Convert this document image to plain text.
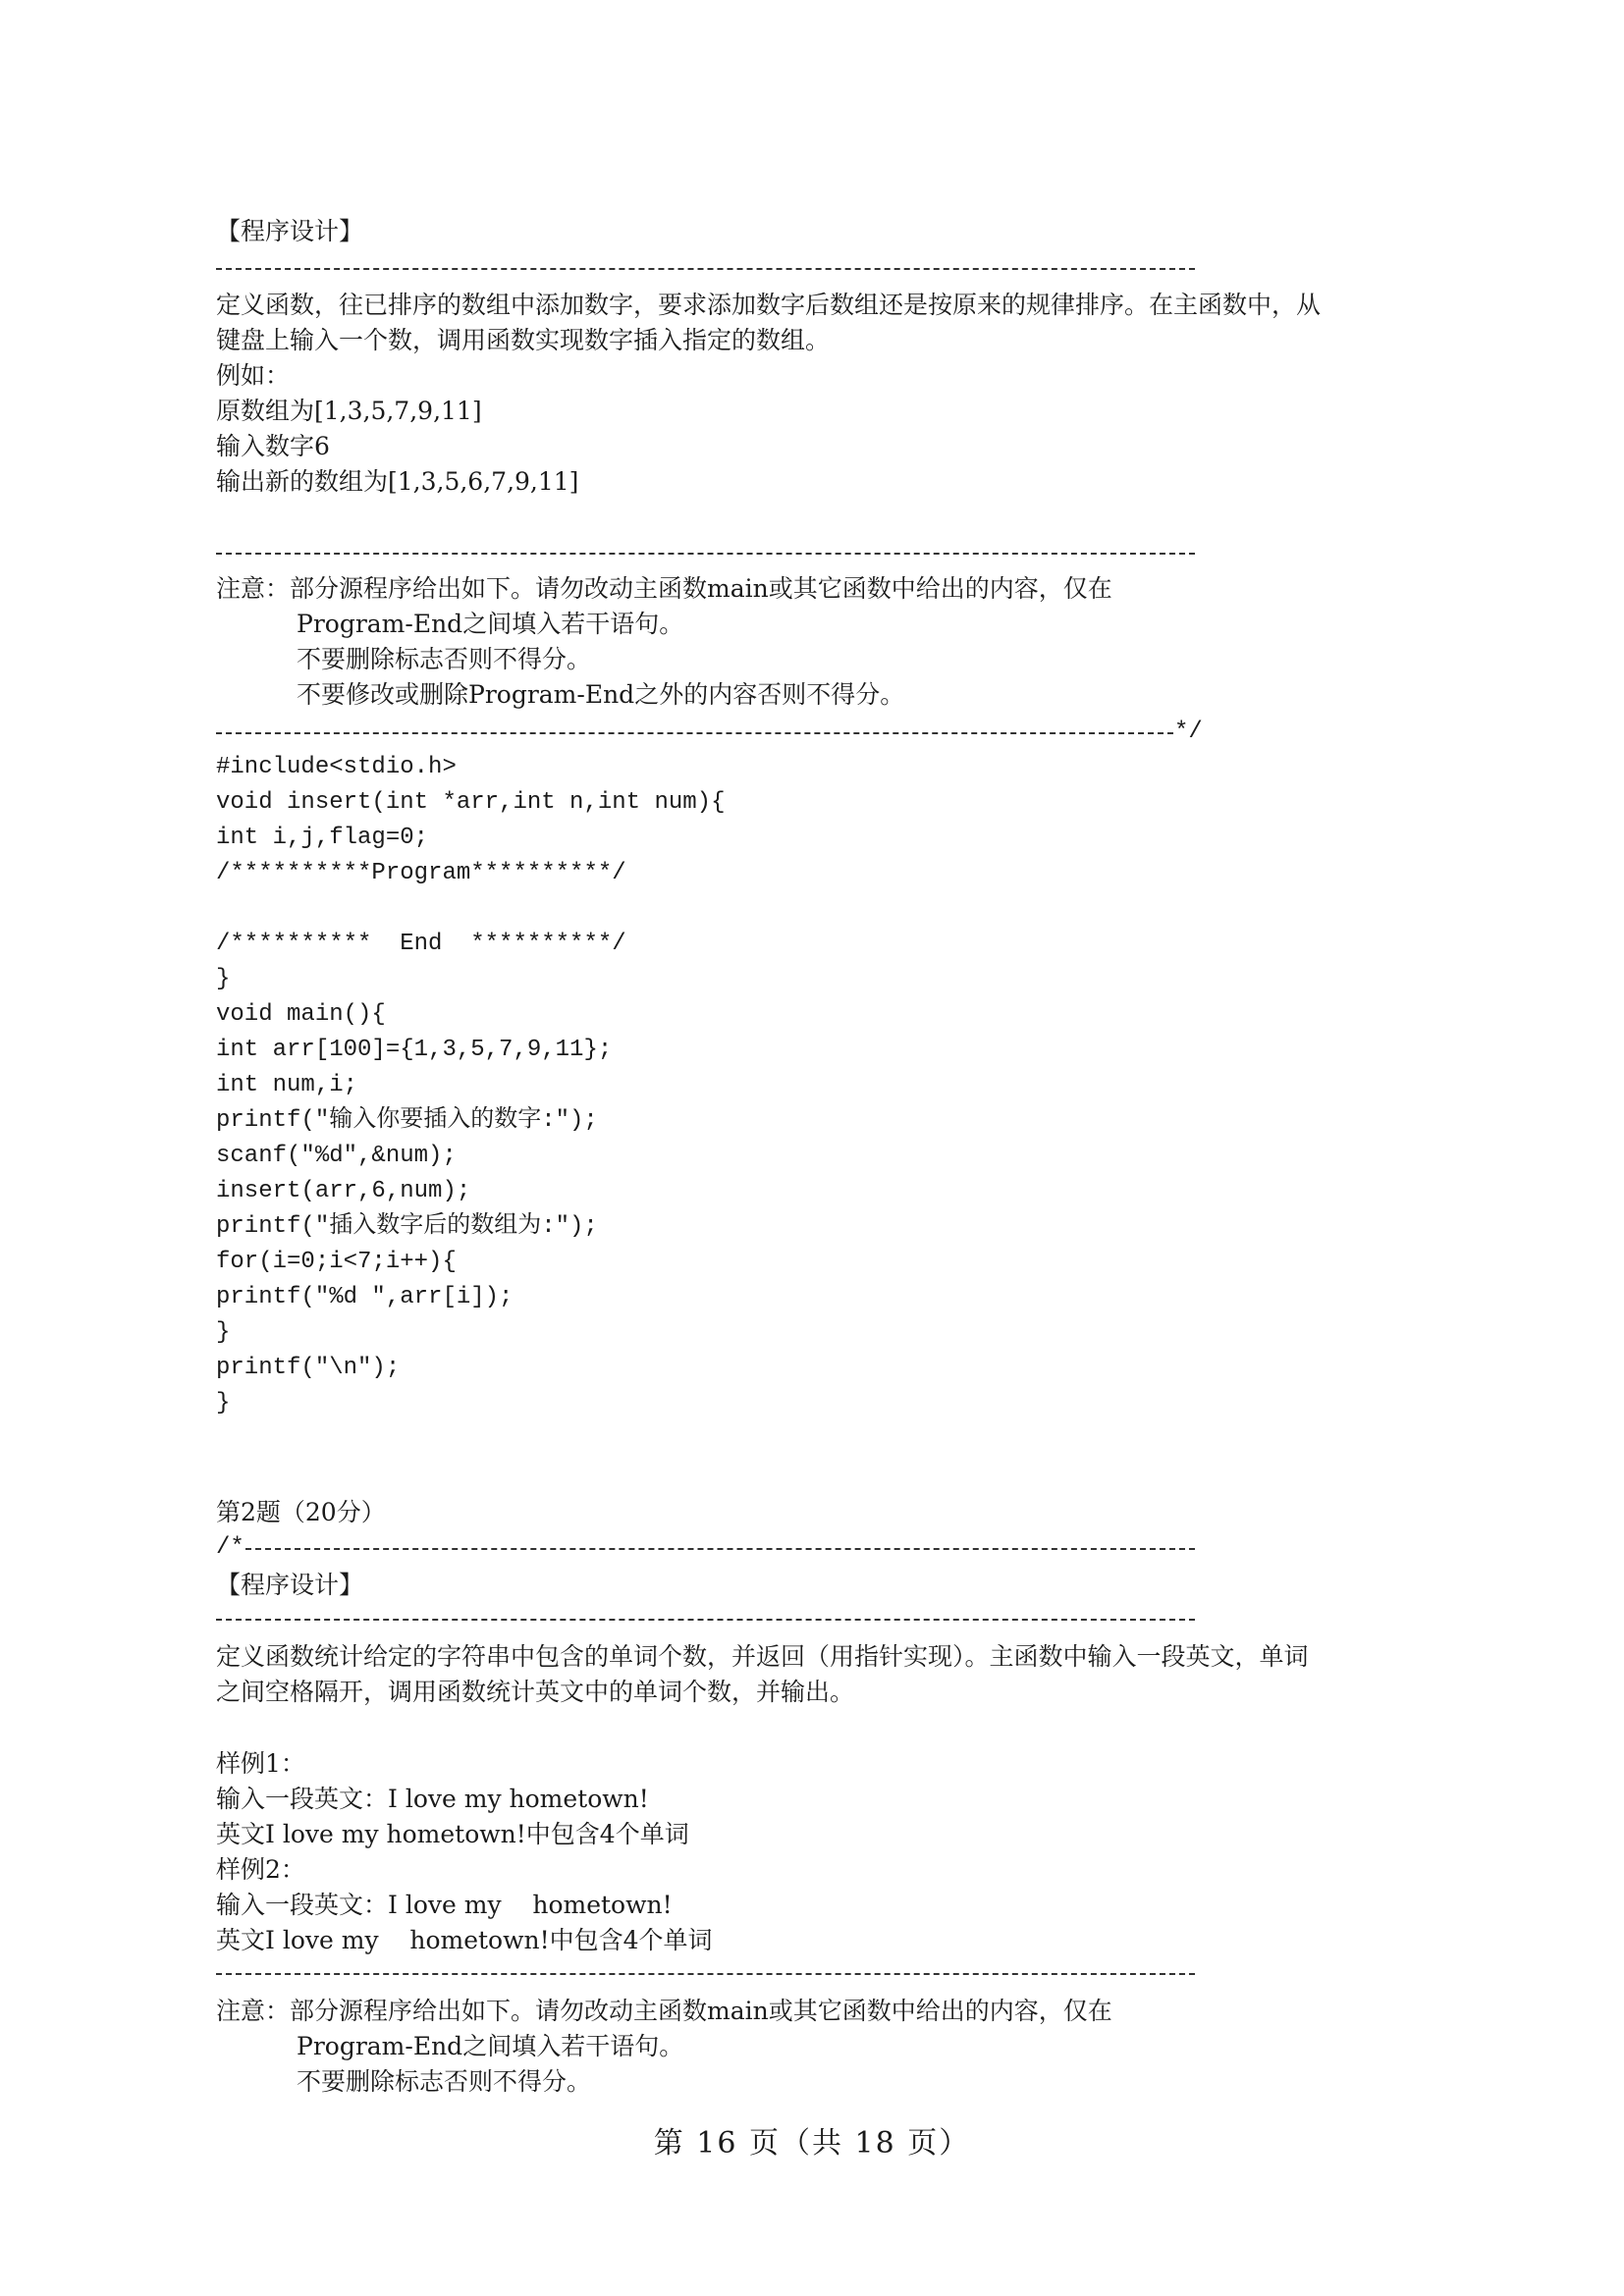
【程序设计】
定义函数，往已排序的数组中添加数字，要求添加数字后数组还是按原来的规律排序。在主函数中，从
键盘上输入一个数，调用函数实现数字插入指定的数组。
例如：
原数组为[1,3,5,7,9,11]
输入数字6
输出新的数组为[1,3,5,6,7,9,11]
注意：部分源程序给出如下。请勿改动主函数main或其它函数中给出的内容，仅在
Program-End之间填入若干语句。
不要删除标志否则不得分。
不要修改或删除Program-End之外的内容否则不得分。
*/
#include<stdio.h>
void insert(int *arr,int n,int num){
int i,j,flag=0;
/**********Program**********/
/**********  End  **********/
}
void main(){
int arr[100]={1,3,5,7,9,11};
int num,i;
printf("输入你要插入的数字:");
scanf("%d",&num);
insert(arr,6,num);
printf("插入数字后的数组为:");
for(i=0;i<7;i++){
printf("%d ",arr[i]);
}
printf("\n");
}
第2题（20分）
/*
【程序设计】
定义函数统计给定的字符串中包含的单词个数，并返回（用指针实现）。主函数中输入一段英文，单词
之间空格隔开，调用函数统计英文中的单词个数，并输出。
样例1：
输入一段英文：I love my hometown!
英文I love my hometown!中包含4个单词
样例2：
输入一段英文：I love my    hometown!
英文I love my    hometown!中包含4个单词
注意：部分源程序给出如下。请勿改动主函数main或其它函数中给出的内容，仅在
Program-End之间填入若干语句。
不要删除标志否则不得分。
第 16 页（共 18 页）
